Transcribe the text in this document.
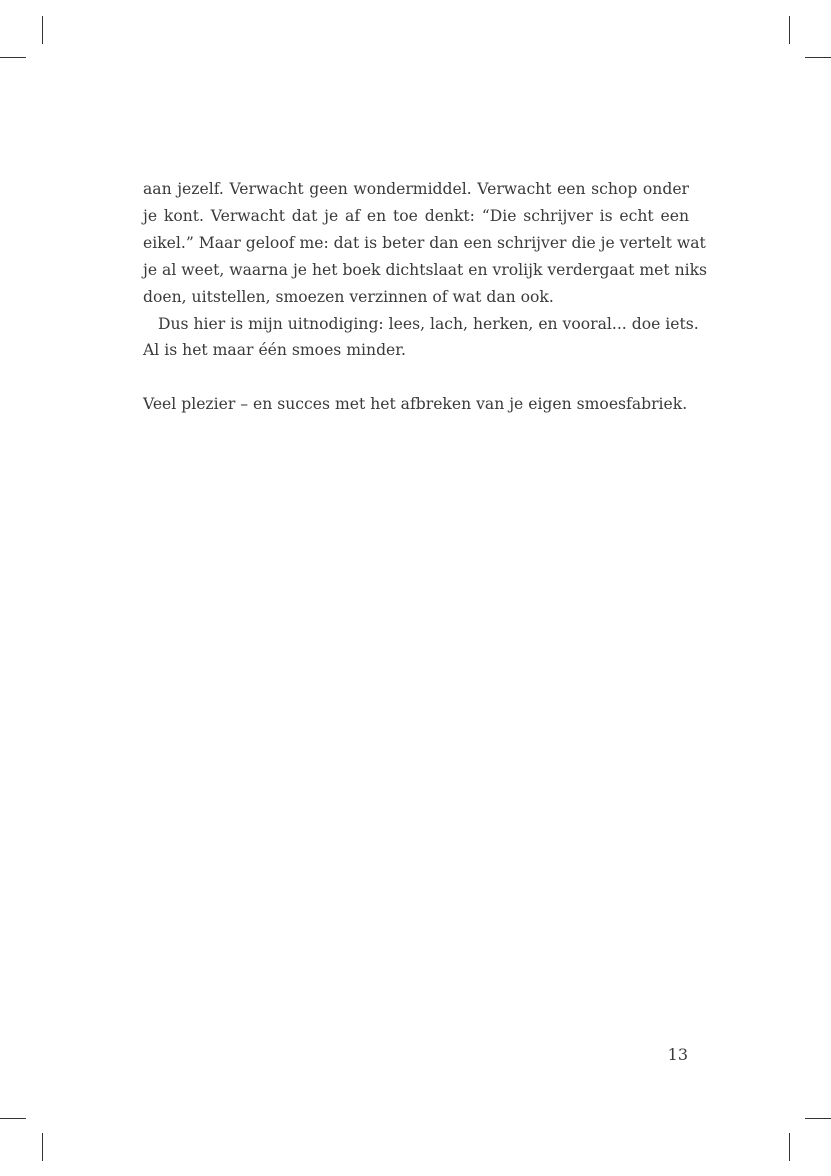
aan jezelf. Verwacht geen wondermiddel. Verwacht een schop onder
je kont. Verwacht dat je af en toe denkt: “Die schrijver is echt een
eikel.” Maar geloof me: dat is beter dan een schrijver die je vertelt wat
je al weet, waarna je het boek dichtslaat en vrolijk verdergaat met niks
doen, uitstellen, smoezen verzinnen of wat dan ook.
Dus hier is mijn uitnodiging: lees, lach, herken, en vooral... doe iets.
Al is het maar één smoes minder.
Veel plezier – en succes met het afbreken van je eigen smoesfabriek.
13
